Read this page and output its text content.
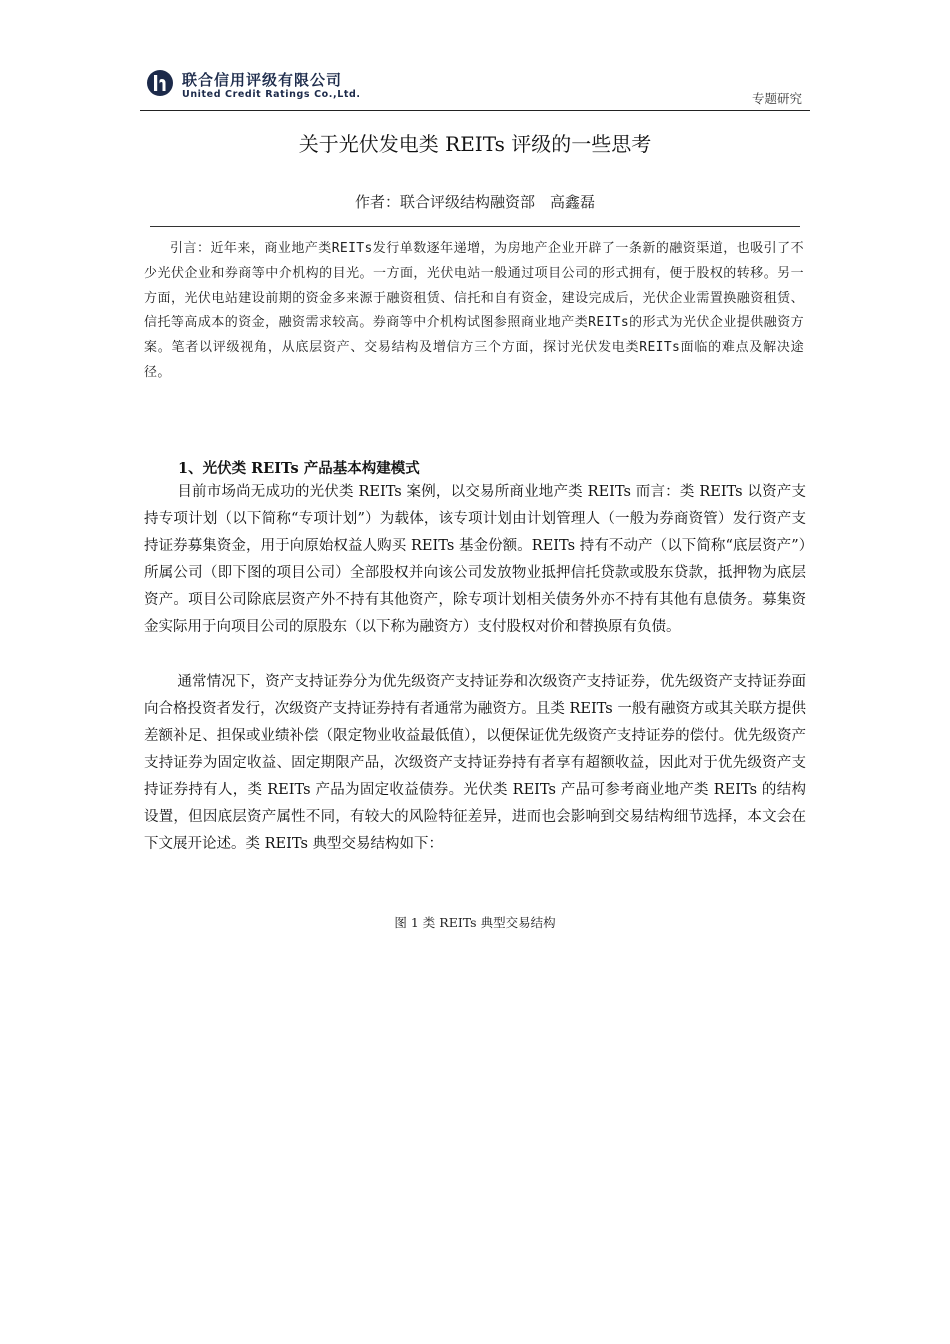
联合信用评级有限公司
United Credit Ratings Co.,Ltd.	专题研究
关于光伏发电类 REITs 评级的一些思考
作者：联合评级结构融资部　高鑫磊

引言：近年来，商业地产类REITs发行单数逐年递增，为房地产企业开辟了一条新的融资渠道，也吸引了不少光伏企业和券商等中介机构的目光。一方面，光伏电站一般通过项目公司的形式拥有，便于股权的转移。另一方面，光伏电站建设前期的资金多来源于融资租赁、信托和自有资金，建设完成后，光伏企业需置换融资租赁、信托等高成本的资金，融资需求较高。券商等中介机构试图参照商业地产类REITs的形式为光伏企业提供融资方案。笔者以评级视角，从底层资产、交易结构及增信方三个方面，探讨光伏发电类REITs面临的难点及解决途径。

1、光伏类 REITs 产品基本构建模式

目前市场尚无成功的光伏类 REITs 案例，以交易所商业地产类 REITs 而言：类 REITs 以资产支持专项计划（以下简称“专项计划”）为载体，该专项计划由计划管理人（一般为券商资管）发行资产支持证券募集资金，用于向原始权益人购买 REITs 基金份额。REITs 持有不动产（以下简称“底层资产”）所属公司（即下图的项目公司）全部股权并向该公司发放物业抵押信托贷款或股东贷款，抵押物为底层资产。项目公司除底层资产外不持有其他资产，除专项计划相关债务外亦不持有其他有息债务。募集资金实际用于向项目公司的原股东（以下称为融资方）支付股权对价和替换原有负债。

通常情况下，资产支持证券分为优先级资产支持证券和次级资产支持证券，优先级资产支持证券面向合格投资者发行，次级资产支持证券持有者通常为融资方。且类 REITs 一般有融资方或其关联方提供差额补足、担保或业绩补偿（限定物业收益最低值），以便保证优先级资产支持证券的偿付。优先级资产支持证券为固定收益、固定期限产品，次级资产支持证券持有者享有超额收益，因此对于优先级资产支持证券持有人，类 REITs 产品为固定收益债券。光伏类 REITs 产品可参考商业地产类 REITs 的结构设置，但因底层资产属性不同，有较大的风险特征差异，进而也会影响到交易结构细节选择，本文会在下文展开论述。类 REITs 典型交易结构如下：

图 1 类 REITs 典型交易结构
